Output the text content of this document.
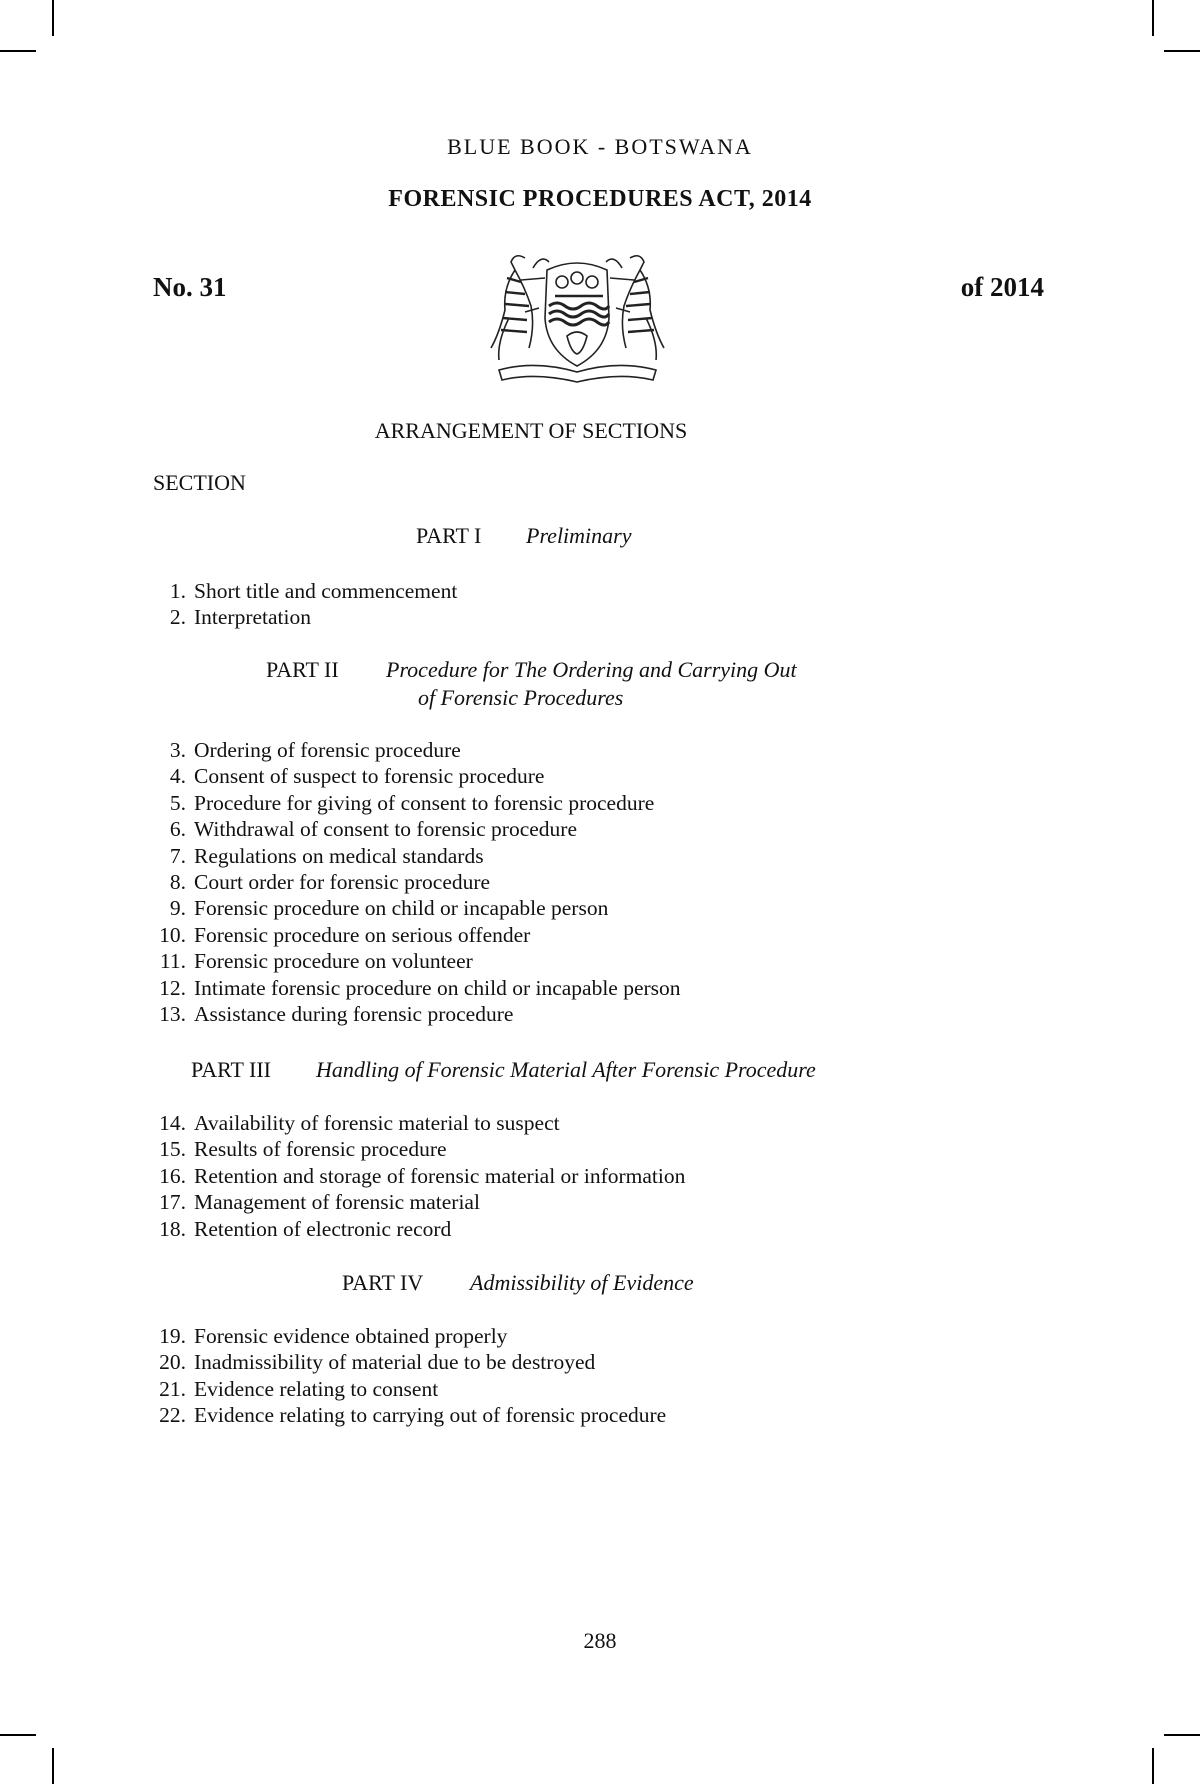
BLUE BOOK - BOTSWANA
FORENSIC PROCEDURES ACT, 2014
No. 31	of 2014
ARRANGEMENT OF SECTIONS
SECTION
PART I Preliminary
1. Short title and commencement
2. Interpretation
PART II Procedure for The Ordering and Carrying Out
of Forensic Procedures
3. Ordering of forensic procedure
4. Consent of suspect to forensic procedure
5. Procedure for giving of consent to forensic procedure
6. Withdrawal of consent to forensic procedure
7. Regulations on medical standards
8. Court order for forensic procedure
9. Forensic procedure on child or incapable person
10. Forensic procedure on serious offender
11. Forensic procedure on volunteer
12. Intimate forensic procedure on child or incapable person
13. Assistance during forensic procedure
PART III Handling of Forensic Material After Forensic Procedure
14. Availability of forensic material to suspect
15. Results of forensic procedure
16. Retention and storage of forensic material or information
17. Management of forensic material
18. Retention of electronic record
PART IV Admissibility of Evidence
19. Forensic evidence obtained properly
20. Inadmissibility of material due to be destroyed
21. Evidence relating to consent
22. Evidence relating to carrying out of forensic procedure
288
